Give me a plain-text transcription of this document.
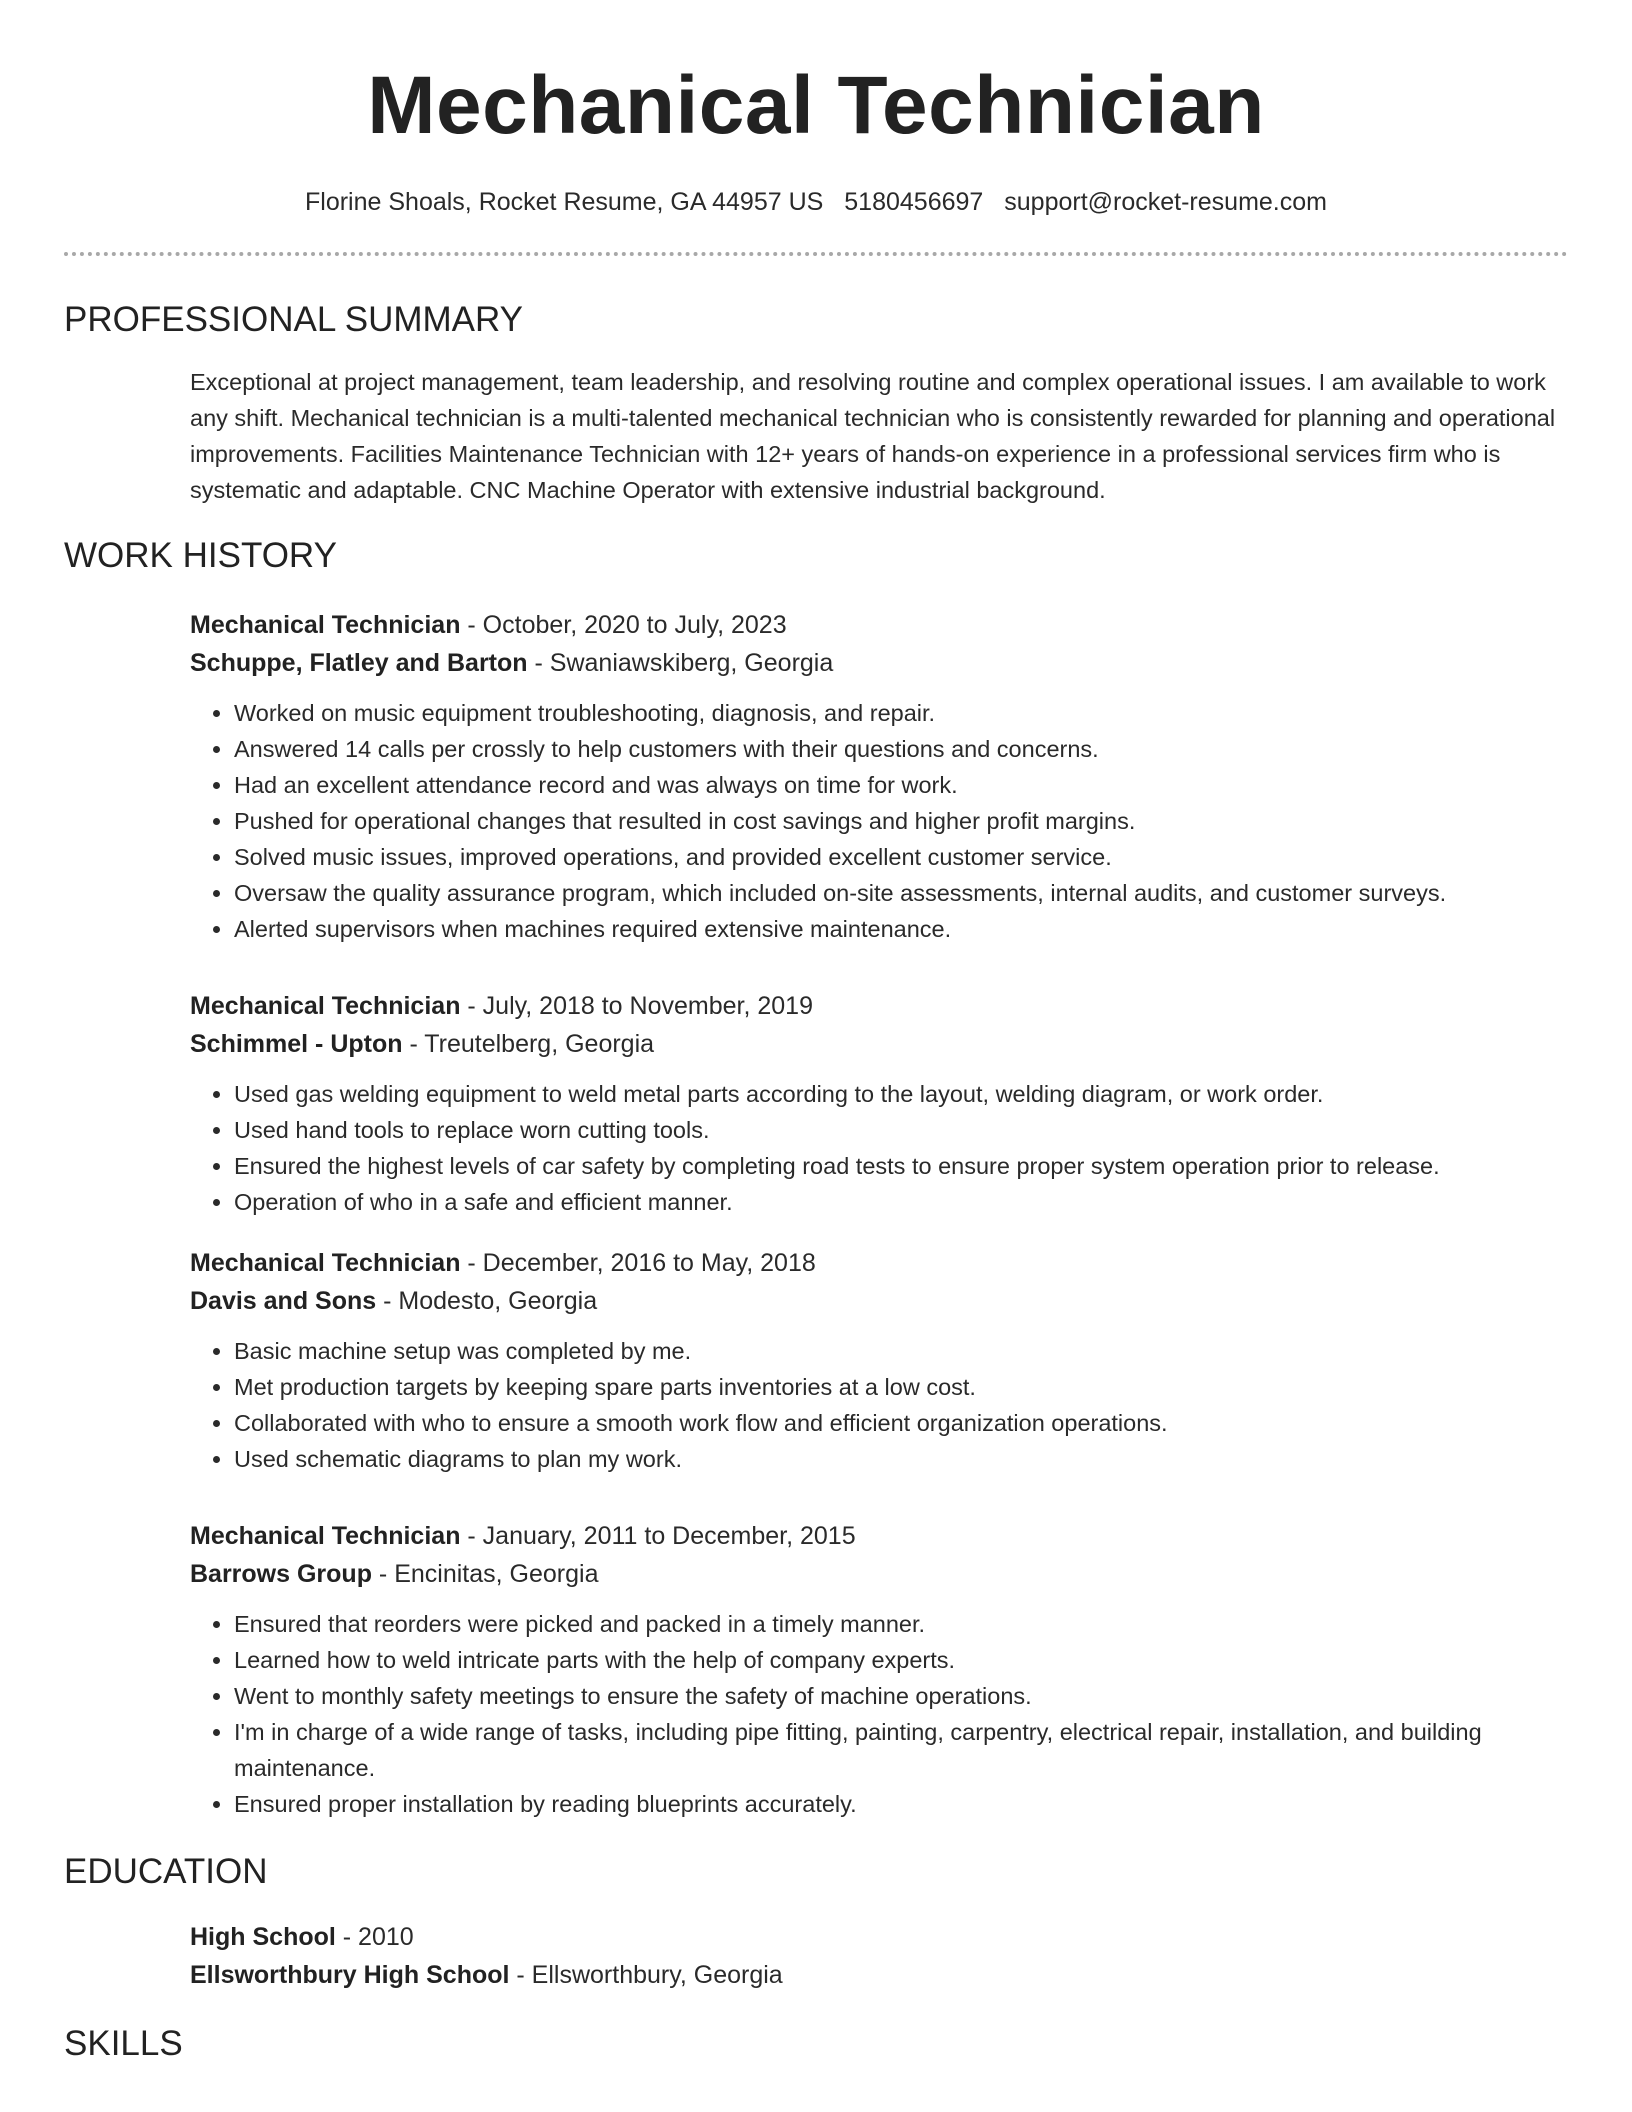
Mechanical Technician
Florine Shoals, Rocket Resume, GA 44957 US 5180456697 support@rocket-resume.com
PROFESSIONAL SUMMARY
Exceptional at project management, team leadership, and resolving routine and complex operational issues. I am available to work any shift. Mechanical technician is a multi-talented mechanical technician who is consistently rewarded for planning and operational improvements. Facilities Maintenance Technician with 12+ years of hands-on experience in a professional services firm who is systematic and adaptable. CNC Machine Operator with extensive industrial background.
WORK HISTORY
Mechanical Technician - October, 2020 to July, 2023
Schuppe, Flatley and Barton - Swaniawskiberg, Georgia
• Worked on music equipment troubleshooting, diagnosis, and repair.
• Answered 14 calls per crossly to help customers with their questions and concerns.
• Had an excellent attendance record and was always on time for work.
• Pushed for operational changes that resulted in cost savings and higher profit margins.
• Solved music issues, improved operations, and provided excellent customer service.
• Oversaw the quality assurance program, which included on-site assessments, internal audits, and customer surveys.
• Alerted supervisors when machines required extensive maintenance.
Mechanical Technician - July, 2018 to November, 2019
Schimmel - Upton - Treutelberg, Georgia
• Used gas welding equipment to weld metal parts according to the layout, welding diagram, or work order.
• Used hand tools to replace worn cutting tools.
• Ensured the highest levels of car safety by completing road tests to ensure proper system operation prior to release.
• Operation of who in a safe and efficient manner.
Mechanical Technician - December, 2016 to May, 2018
Davis and Sons - Modesto, Georgia
• Basic machine setup was completed by me.
• Met production targets by keeping spare parts inventories at a low cost.
• Collaborated with who to ensure a smooth work flow and efficient organization operations.
• Used schematic diagrams to plan my work.
Mechanical Technician - January, 2011 to December, 2015
Barrows Group - Encinitas, Georgia
• Ensured that reorders were picked and packed in a timely manner.
• Learned how to weld intricate parts with the help of company experts.
• Went to monthly safety meetings to ensure the safety of machine operations.
• I'm in charge of a wide range of tasks, including pipe fitting, painting, carpentry, electrical repair, installation, and building maintenance.
• Ensured proper installation by reading blueprints accurately.
EDUCATION
High School - 2010
Ellsworthbury High School - Ellsworthbury, Georgia
SKILLS
